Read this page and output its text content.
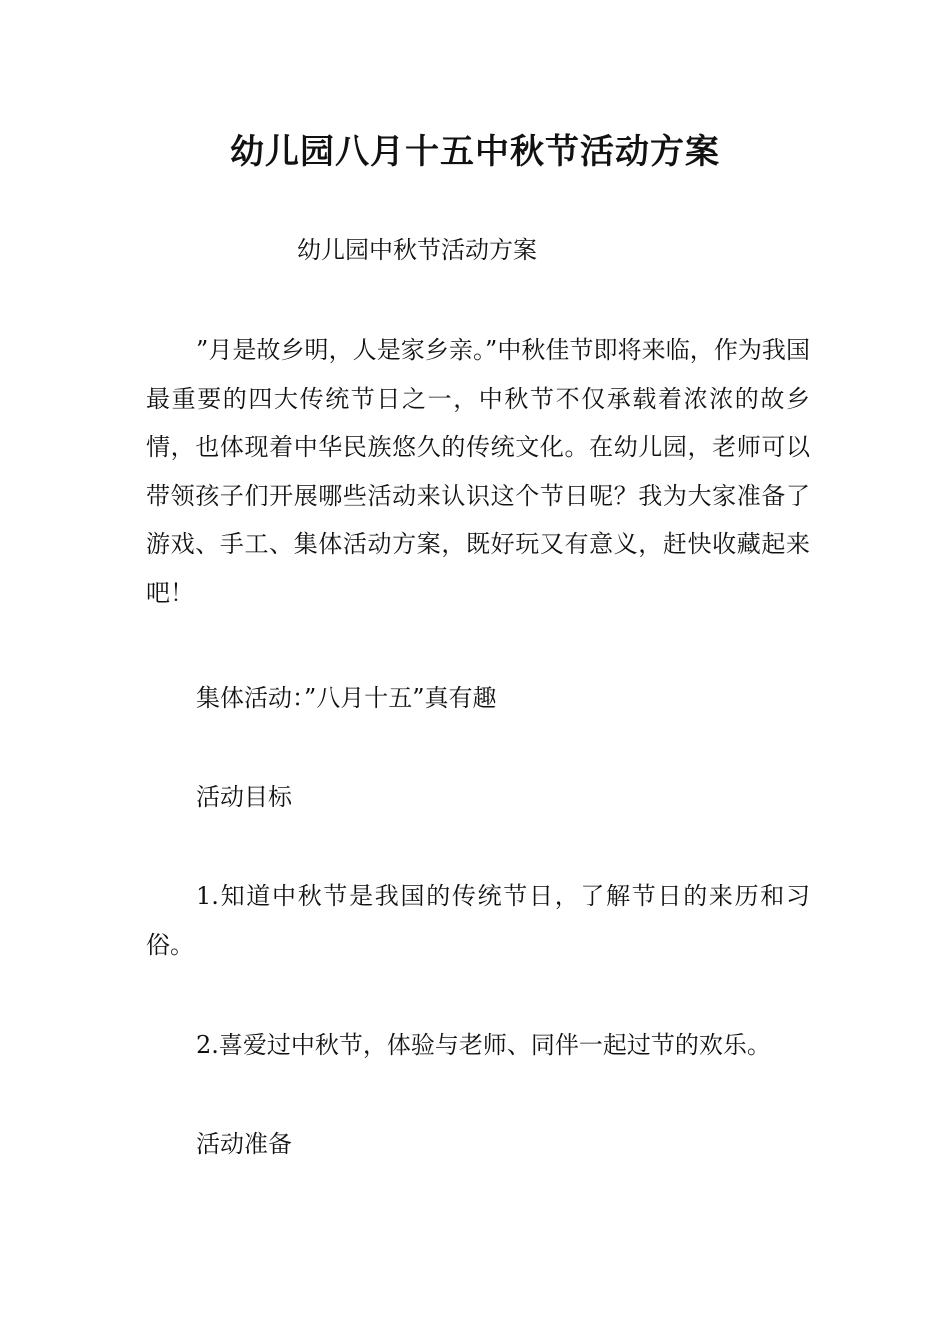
幼儿园八月十五中秋节活动方案
幼儿园中秋节活动方案
”月是故乡明，人是家乡亲。”中秋佳节即将来临，作为我国最重要的四大传统节日之一，中秋节不仅承载着浓浓的故乡情，也体现着中华民族悠久的传统文化。在幼儿园，老师可以带领孩子们开展哪些活动来认识这个节日呢？我为大家准备了游戏、手工、集体活动方案，既好玩又有意义，赶快收藏起来吧！
集体活动：”八月十五”真有趣
活动目标
1.知道中秋节是我国的传统节日，了解节日的来历和习俗。
2.喜爱过中秋节，体验与老师、同伴一起过节的欢乐。
活动准备
